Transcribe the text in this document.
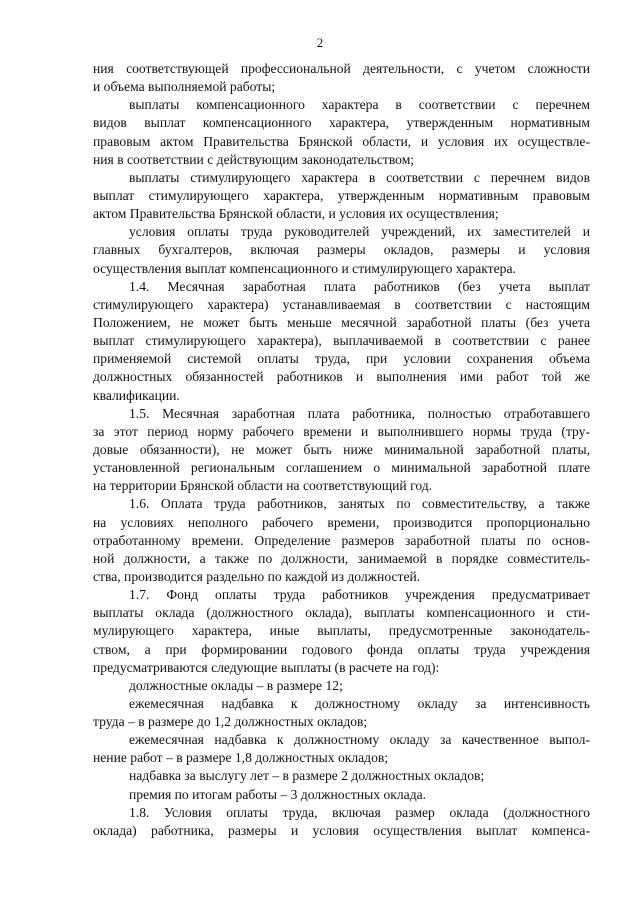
2
ния соответствующей профессиональной деятельности, с учетом сложности
и объема выполняемой работы;
выплаты компенсационного характера в соответствии с перечнем
видов выплат компенсационного характера, утвержденным нормативным
правовым актом Правительства Брянской области, и условия их осуществле-
ния в соответствии с действующим законодательством;
выплаты стимулирующего характера в соответствии с перечнем видов
выплат стимулирующего характера, утвержденным нормативным правовым
актом Правительства Брянской области, и условия их осуществления;
условия оплаты труда руководителей учреждений, их заместителей и
главных бухгалтеров, включая размеры окладов, размеры и условия
осуществления выплат компенсационного и стимулирующего характера.
1.4. Месячная заработная плата работников (без учета выплат
стимулирующего характера) устанавливаемая в соответствии с настоящим
Положением, не может быть меньше месячной заработной платы (без учета
выплат стимулирующего характера), выплачиваемой в соответствии с ранее
применяемой системой оплаты труда, при условии сохранения объема
должностных обязанностей работников и выполнения ими работ той же
квалификации.
1.5. Месячная заработная плата работника, полностью отработавшего
за этот период норму рабочего времени и выполнившего нормы труда (тру-
довые обязанности), не может быть ниже минимальной заработной платы,
установленной региональным соглашением о минимальной заработной плате
на территории Брянской области на соответствующий год.
1.6. Оплата труда работников, занятых по совместительству, а также
на условиях неполного рабочего времени, производится пропорционально
отработанному времени. Определение размеров заработной платы по основ-
ной должности, а также по должности, занимаемой в порядке совместитель-
ства, производится раздельно по каждой из должностей.
1.7. Фонд оплаты труда работников учреждения предусматривает
выплаты оклада (должностного оклада), выплаты компенсационного и сти-
мулирующего характера, иные выплаты, предусмотренные законодатель-
ством, а при формировании годового фонда оплаты труда учреждения
предусматриваются следующие выплаты (в расчете на год):
должностные оклады – в размере 12;
ежемесячная надбавка к должностному окладу за интенсивность
труда – в размере до 1,2 должностных окладов;
ежемесячная надбавка к должностному окладу за качественное выпол-
нение работ – в размере 1,8 должностных окладов;
надбавка за выслугу лет – в размере 2 должностных окладов;
премия по итогам работы – 3 должностных оклада.
1.8. Условия оплаты труда, включая размер оклада (должностного
оклада) работника, размеры и условия осуществления выплат компенса-
